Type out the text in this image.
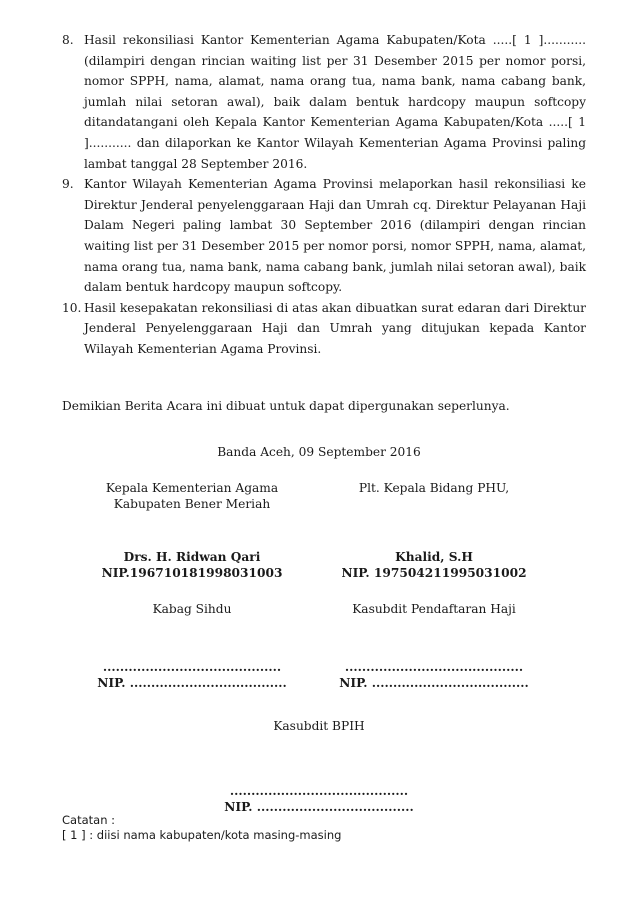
8. Hasil rekonsiliasi Kantor Kementerian Agama Kabupaten/Kota .....[ 1 ]........... (dilampiri dengan rincian waiting list per 31 Desember 2015 per nomor porsi, nomor SPPH, nama, alamat, nama orang tua, nama bank, nama cabang bank, jumlah nilai setoran awal), baik dalam bentuk hardcopy maupun softcopy ditandatangani oleh Kepala Kantor Kementerian Agama Kabupaten/Kota .....[ 1 ]........... dan dilaporkan ke Kantor Wilayah Kementerian Agama Provinsi paling lambat tanggal 28 September 2016.
9. Kantor Wilayah Kementerian Agama Provinsi melaporkan hasil rekonsiliasi ke Direktur Jenderal penyelenggaraan Haji dan Umrah cq. Direktur Pelayanan Haji Dalam Negeri paling lambat 30 September 2016 (dilampiri dengan rincian waiting list per 31 Desember 2015 per nomor porsi, nomor SPPH, nama, alamat, nama orang tua, nama bank, nama cabang bank, jumlah nilai setoran awal), baik dalam bentuk hardcopy maupun softcopy.
10. Hasil kesepakatan rekonsiliasi di atas akan dibuatkan surat edaran dari Direktur Jenderal Penyelenggaraan Haji dan Umrah yang ditujukan kepada Kantor Wilayah Kementerian Agama Provinsi.
Demikian Berita Acara ini dibuat untuk dapat dipergunakan seperlunya.
Banda Aceh, 09 September 2016
Kepala Kementerian Agama
Kabupaten Bener Meriah
Drs. H. Ridwan Qari
NIP.196710181998031003
Kabag Sihdu
..........................................
NIP. .....................................
Plt. Kepala Bidang PHU,
Khalid, S.H
NIP. 197504211995031002
Kasubdit Pendaftaran Haji
..........................................
NIP. .....................................
Kasubdit BPIH
..........................................
NIP. .....................................
Catatan :
[ 1 ] : diisi nama kabupaten/kota masing-masing
